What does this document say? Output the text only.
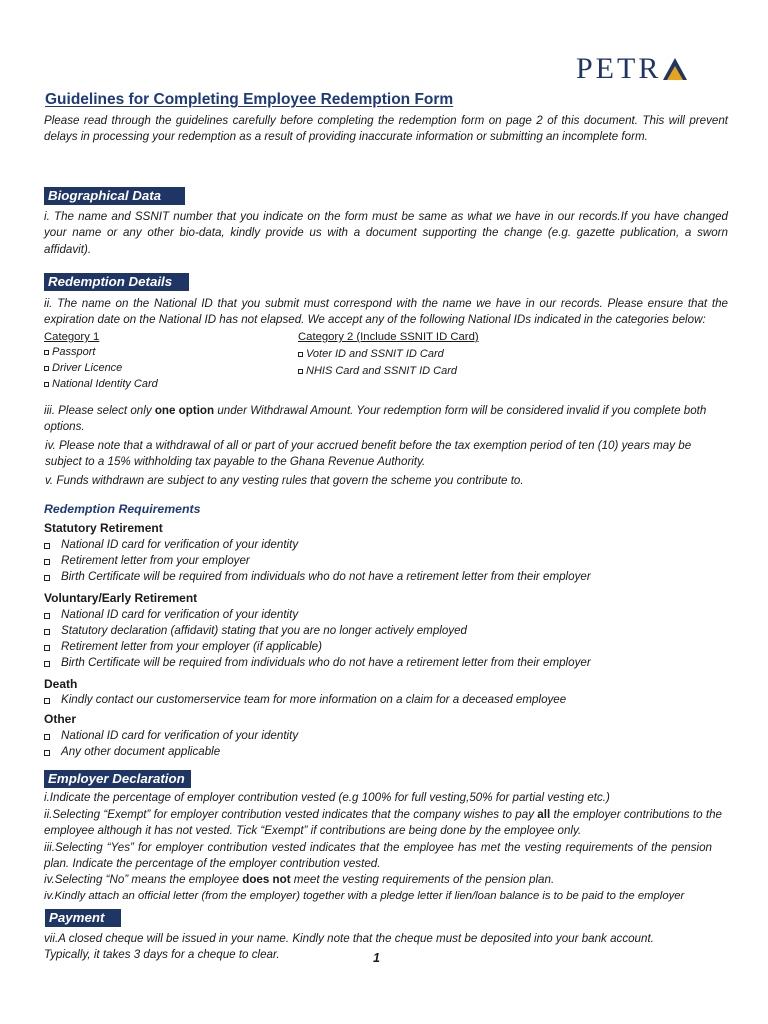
PETR
Guidelines for Completing Employee Redemption Form
Please read through the guidelines carefully before completing the redemption form on page 2 of this document. This will prevent delays in processing your redemption as a result of providing inaccurate information or submitting an incomplete form.
Biographical Data
i. The name and SSNIT number that you indicate on the form must be same as what we have in our records.If you have changed your name or any other bio-data, kindly provide us with a document supporting the change (e.g. gazette publication, a sworn affidavit).
Redemption Details
ii. The name on the National ID that you submit must correspond with the name we have in our records. Please ensure that the expiration date on the National ID has not elapsed. We accept any of the following National IDs indicated in the categories below:
Category 1
Passport
Driver Licence
National Identity Card
Category 2 (Include SSNIT ID Card)
Voter ID and SSNIT ID Card
NHIS Card and SSNIT ID Card
iii. Please select only one option under Withdrawal Amount. Your redemption form will be considered invalid if you complete both options.
iv. Please note that a withdrawal of all or part of your accrued benefit before the tax exemption period of ten (10) years may be subject to a 15% withholding tax payable to the Ghana Revenue Authority.
v. Funds withdrawn are subject to any vesting rules that govern the scheme you contribute to.
Redemption Requirements
Statutory Retirement
National ID card for verification of your identity
Retirement letter from your employer
Birth Certificate will be required from individuals who do not have a retirement letter from their employer
Voluntary/Early Retirement
National ID card for verification of your identity
Statutory declaration (affidavit) stating that you are no longer actively employed
Retirement letter from your employer (if applicable)
Birth Certificate will be required from individuals who do not have a retirement letter from their employer
Death
Kindly contact our customerservice team for more information on a claim for a deceased employee
Other
National ID card for verification of your identity
Any other document applicable
Employer Declaration
i.Indicate the percentage of employer contribution vested (e.g 100% for full vesting,50% for partial vesting etc.)
ii.Selecting “Exempt” for employer contribution vested indicates that the company wishes to pay all the employer contributions to the employee although it has not vested. Tick “Exempt” if contributions are being done by the employee only.
iii.Selecting “Yes” for employer contribution vested indicates that the employee has met the vesting requirements of the pension plan. Indicate the percentage of the employer contribution vested.
iv.Selecting “No” means the employee does not meet the vesting requirements of the pension plan.
iv.Kindly attach an official letter (from the employer) together with a pledge letter if lien/loan balance is to be paid to the employer
Payment
vii.A closed cheque will be issued in your name. Kindly note that the cheque must be deposited into your bank account.
Typically, it takes 3 days for a cheque to clear.	1
